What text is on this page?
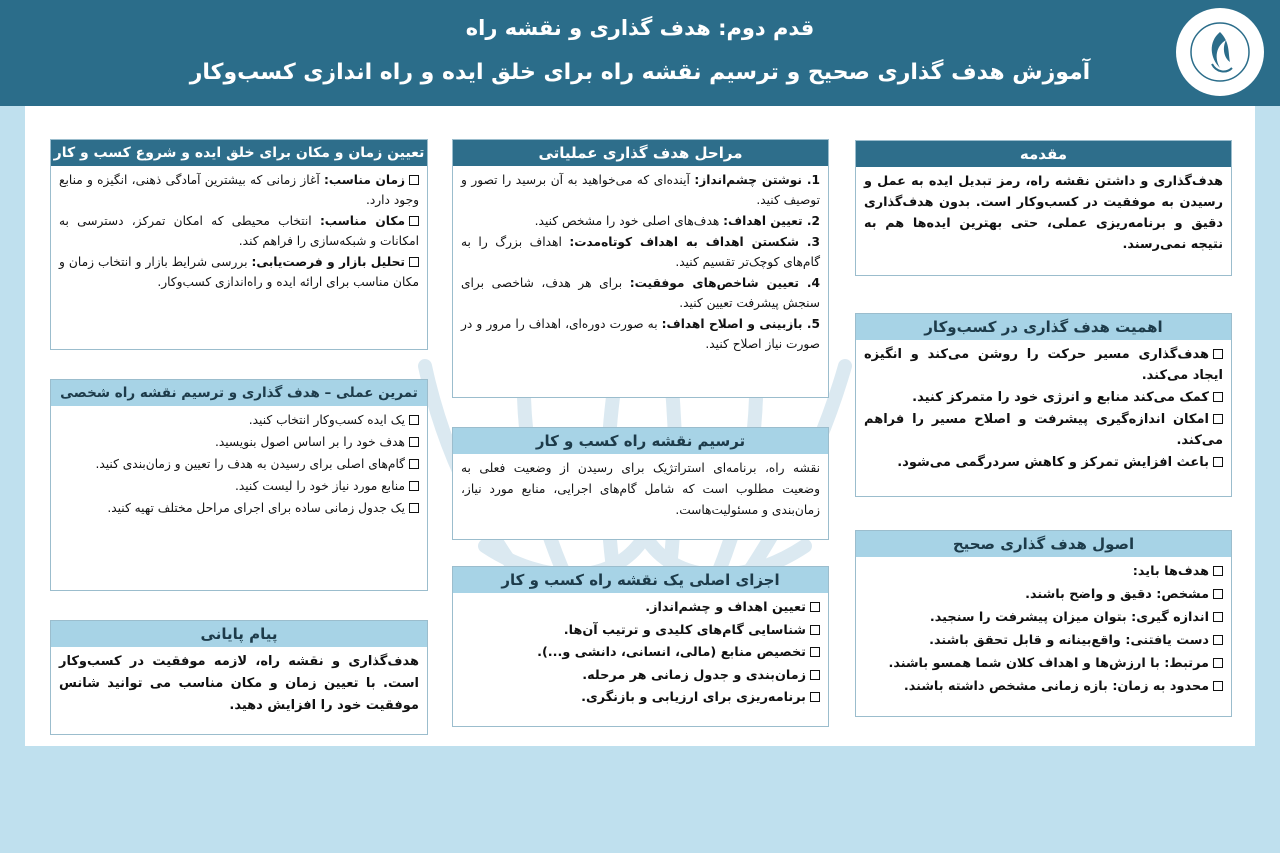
قدم دوم: هدف گذاری و نقشه راه
آموزش هدف گذاری صحیح و ترسیم نقشه راه برای خلق ایده و راه اندازی کسب‌وکار
مقدمه
هدف‌گذاری و داشتن نقشه راه، رمز تبدیل ایده به عمل و رسیدن به موفقیت در کسب‌وکار است. بدون هدف‌گذاری دقیق و برنامه‌ریزی عملی، حتی بهترین ایده‌ها هم به نتیجه نمی‌رسند.
اهمیت هدف گذاری در کسب‌وکار
هدف‌گذاری مسیر حرکت را روشن می‌کند و انگیزه ایجاد می‌کند.
کمک می‌کند منابع و انرژی خود را متمرکز کنید.
امکان اندازه‌گیری پیشرفت و اصلاح مسیر را فراهم می‌کند.
باعث افزایش تمرکز و کاهش سردرگمی می‌شود.
اصول هدف گذاری صحیح
هدف‌ها باید:
مشخص: دقیق و واضح باشند.
اندازه گیری: بتوان میزان پیشرفت را سنجید.
دست یافتنی: واقع‌بینانه و قابل تحقق باشند.
مرتبط: با ارزش‌ها و اهداف کلان شما همسو باشند.
محدود به زمان: بازه زمانی مشخص داشته باشند.
مراحل هدف گذاری عملیاتی
1. نوشتن چشم‌انداز: آینده‌ای که می‌خواهید به آن برسید را تصور و توصیف کنید.
2. تعیین اهداف: هدف‌های اصلی خود را مشخص کنید.
3. شکستن اهداف به اهداف کوتاه‌مدت: اهداف بزرگ را به گام‌های کوچک‌تر تقسیم کنید.
4. تعیین شاخص‌های موفقیت: برای هر هدف، شاخصی برای سنجش پیشرفت تعیین کنید.
5. بازبینی و اصلاح اهداف: به صورت دوره‌ای، اهداف را مرور و در صورت نیاز اصلاح کنید.
ترسیم نقشه راه کسب و کار
نقشه راه، برنامه‌ای استراتژیک برای رسیدن از وضعیت فعلی به وضعیت مطلوب است که شامل گام‌های اجرایی، منابع مورد نیاز، زمان‌بندی و مسئولیت‌هاست.
اجزای اصلی یک نقشه راه کسب و کار
تعیین اهداف و چشم‌انداز.
شناسایی گام‌های کلیدی و ترتیب آن‌ها.
تخصیص منابع (مالی، انسانی، دانشی و...).
زمان‌بندی و جدول زمانی هر مرحله.
برنامه‌ریزی برای ارزیابی و بازنگری.
تعیین زمان و مکان برای خلق ایده و شروع کسب و کار
زمان مناسب: آغاز زمانی که بیشترین آمادگی ذهنی، انگیزه و منابع وجود دارد.
مکان مناسب: انتخاب محیطی که امکان تمرکز، دسترسی به امکانات و شبکه‌سازی را فراهم کند.
تحلیل بازار و فرصت‌یابی: بررسی شرایط بازار و انتخاب زمان و مکان مناسب برای ارائه ایده و راه‌اندازی کسب‌وکار.
تمرین عملی – هدف گذاری و ترسیم نقشه راه شخصی
یک ایده کسب‌وکار انتخاب کنید.
هدف خود را بر اساس اصول بنویسید.
گام‌های اصلی برای رسیدن به هدف را تعیین و زمان‌بندی کنید.
منابع مورد نیاز خود را لیست کنید.
یک جدول زمانی ساده برای اجرای مراحل مختلف تهیه کنید.
پیام پایانی
هدف‌گذاری و نقشه راه، لازمه موفقیت در کسب‌وکار است. با تعیین زمان و مکان مناسب می توانید شانس موفقیت خود را افزایش دهید.
